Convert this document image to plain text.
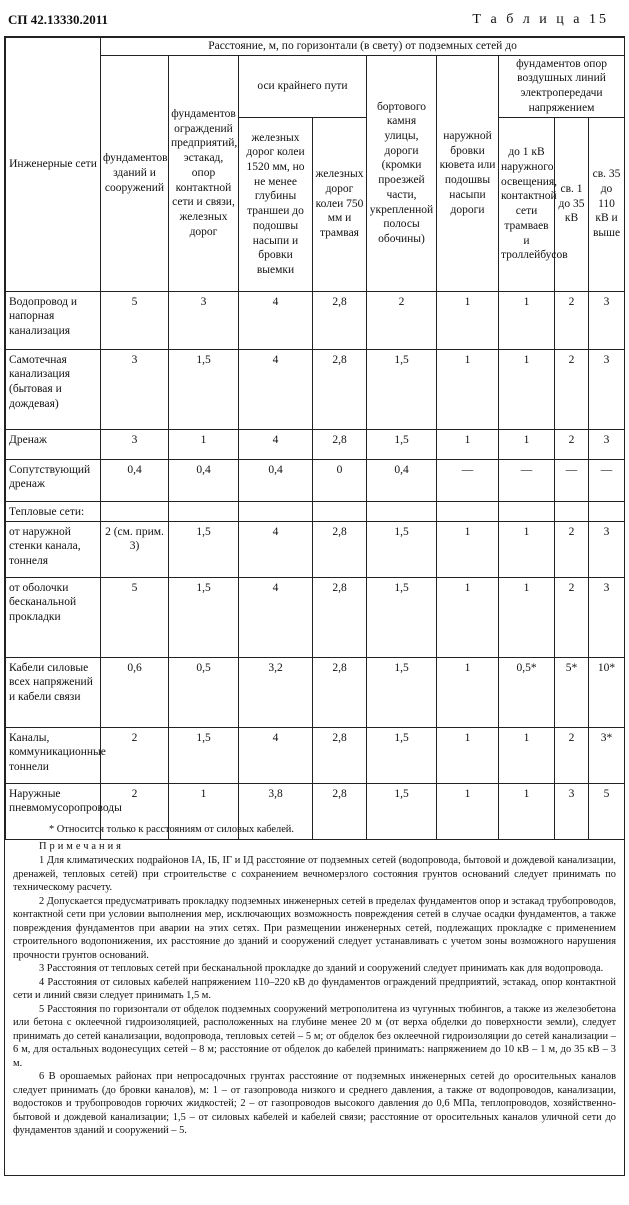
СП 42.13330.2011	Т а б л и ц а 15
Инженерные сети	Расстояние, м, по горизонтали (в свету) от подземных сетей до								
	фундаментов зданий и сооружений	фундаментов ограждений предприятий, эстакад, опор контактной сети и связи, железных дорог	оси крайнего пути		бортового камня улицы, дороги (кромки проезжей части, укрепленной полосы обочины)	наружной бровки кювета или подошвы насыпи дороги	фундаментов опор воздушных линий электропередачи напряжением		
			железных дорог колеи 1520 мм, но не менее глубины траншеи до подошвы насыпи и бровки выемки	железных дорог колеи 750 мм и трамвая			до 1 кВ наружного освещения, контактной сети трамваев и троллейбусов	св. 1 до 35 кВ	св. 35 до 110 кВ и выше

Водопровод и напорная канализация	5	3	4	2,8	2	1	1	2	3
Самотечная канализация (бытовая и дождевая)	3	1,5	4	2,8	1,5	1	1	2	3
Дренаж	3	1	4	2,8	1,5	1	1	2	3
Сопутствующий дренаж	0,4	0,4	0,4	0	0,4	—	—	—	—
Тепловые сети:									
от наружной стенки канала, тоннеля	2 (см. прим. 3)	1,5	4	2,8	1,5	1	1	2	3
от оболочки бесканальной прокладки	5	1,5	4	2,8	1,5	1	1	2	3
Кабели силовые всех напряжений и кабели связи	0,6	0,5	3,2	2,8	1,5	1	0,5*	5*	10*
Каналы, коммуникационные тоннели	2	1,5	4	2,8	1,5	1	1	2	3*
Наружные пневмомусоропроводы	2	1	3,8	2,8	1,5	1	1	3	5

* Относится только к расстояниям от силовых кабелей.

Примечания

1 Для климатических подрайонов IА, IБ, IГ и IД расстояние от подземных сетей (водопровода, бытовой и дождевой канализации, дренажей, тепловых сетей) при строительстве с сохранением вечномерзлого состояния грунтов оснований следует принимать по техническому расчету.

2 Допускается предусматривать прокладку подземных инженерных сетей в пределах фундаментов опор и эстакад трубопроводов, контактной сети при условии выполнения мер, исключающих возможность повреждения сетей в случае осадки фундаментов, а также повреждения фундаментов при аварии на этих сетях. При размещении инженерных сетей, подлежащих прокладке с применением строительного водопонижения, их расстояние до зданий и сооружений следует устанавливать с учетом зоны возможного нарушения прочности грунтов оснований.

3 Расстояния от тепловых сетей при бесканальной прокладке до зданий и сооружений следует принимать как для водопровода.

4 Расстояния от силовых кабелей напряжением 110–220 кВ до фундаментов ограждений предприятий, эстакад, опор контактной сети и линий связи следует принимать 1,5 м.

5 Расстояния по горизонтали от обделок подземных сооружений метрополитена из чугунных тюбингов, а также из железобетона или бетона с оклеечной гидроизоляцией, расположенных на глубине менее 20 м (от верха обделки до поверхности земли), следует принимать до сетей канализации, водопровода, тепловых сетей – 5 м; от обделок без оклеечной гидроизоляции до сетей канализации – 6 м, для остальных водонесущих сетей – 8 м; расстояние от обделок до кабелей принимать: напряжением до 10 кВ – 1 м, до 35 кВ – 3 м.

6 В орошаемых районах при непросадочных грунтах расстояние от подземных инженерных сетей до оросительных каналов следует принимать (до бровки каналов), м: 1 – от газопровода низкого и среднего давления, а также от водопроводов, канализации, водостоков и трубопроводов горючих жидкостей; 2 – от газопроводов высокого давления до 0,6 МПа, теплопроводов, хозяйственно-бытовой и дождевой канализации; 1,5 – от силовых кабелей и кабелей связи; расстояние от оросительных каналов уличной сети до фундаментов зданий и сооружений – 5.
